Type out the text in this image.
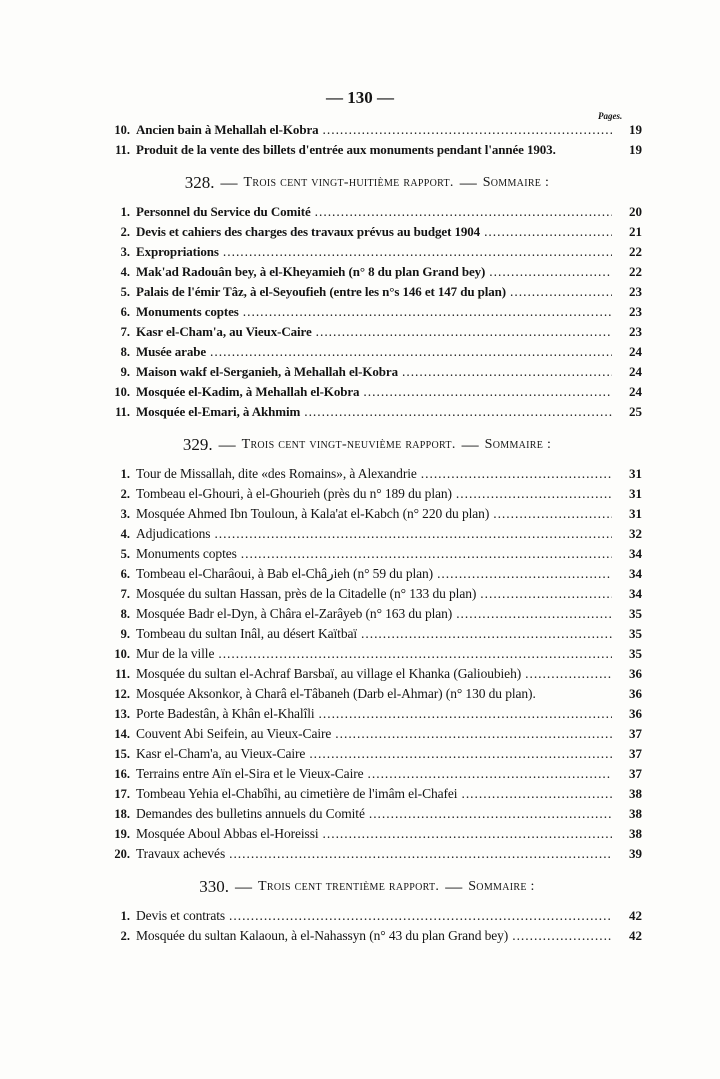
— 130 —
Pages.
10. Ancien bain à Mehallah el-Kobra . . .	19
11. Produit de la vente des billets d'entrée aux monuments pendant l'année 1903.	19
328. — Trois cent vingt-huitième rapport. — Sommaire :
1. Personnel du Service du Comité . . .	20
2. Devis et cahiers des charges des travaux prévus au budget 1904 . . .	21
3. Expropriations . . .	22
4. Mak'ad Radouân bey, à el-Kheyamieh (n° 8 du plan Grand bey) . . .	22
5. Palais de l'émir Tâz, à el-Seyoufieh (entre les n°s 146 et 147 du plan) . . .	23
6. Monuments coptes . . .	23
7. Kasr el-Cham'a, au Vieux-Caire . . .	23
8. Musée arabe . . .	24
9. Maison wakf el-Serganieh, à Mehallah el-Kobra . . .	24
10. Mosquée el-Kadim, à Mehallah el-Kobra . . .	24
11. Mosquée el-Emari, à Akhmim . . .	25
329. — Trois cent vingt-neuvième rapport. — Sommaire :
1. Tour de Missallah, dite «des Romains», à Alexandrie . . .	31
2. Tombeau el-Ghouri, à el-Ghourieh (près du n° 189 du plan) . . .	31
3. Mosquée Ahmed Ibn Touloun, à Kala'at el-Kabch (n° 220 du plan) . . .	31
4. Adjudications . . .	32
5. Monuments coptes . . .	34
6. Tombeau el-Charâoui, à Bab el-Châرieh (n° 59 du plan) . . .	34
7. Mosquée du sultan Hassan, près de la Citadelle (n° 133 du plan) . . .	34
8. Mosquée Badr el-Dyn, à Châra el-Zarâyeb (n° 163 du plan) . . .	35
9. Tombeau du sultan Inâl, au désert Kaïtbaï . . .	35
10. Mur de la ville . . .	35
11. Mosquée du sultan el-Achraf Barsbaï, au village el Khanka (Galioubieh) . . .	36
12. Mosquée Aksonkor, à Charâ el-Tâbaneh (Darb el-Ahmar) (n° 130 du plan).	36
13. Porte Badestân, à Khân el-Khalîli . . .	36
14. Couvent Abi Seifein, au Vieux-Caire . . .	37
15. Kasr el-Cham'a, au Vieux-Caire . . .	37
16. Terrains entre Aïn el-Sira et le Vieux-Caire . . .	37
17. Tombeau Yehia el-Chabîhi, au cimetière de l'imâm el-Chafei . . .	38
18. Demandes des bulletins annuels du Comité . . .	38
19. Mosquée Aboul Abbas el-Horeissi . . .	38
20. Travaux achevés . . .	39
330. — Trois cent trentième rapport. — Sommaire :
1. Devis et contrats . . .	42
2. Mosquée du sultan Kalaoun, à el-Nahassyn (n° 43 du plan Grand bey) . . .	42
